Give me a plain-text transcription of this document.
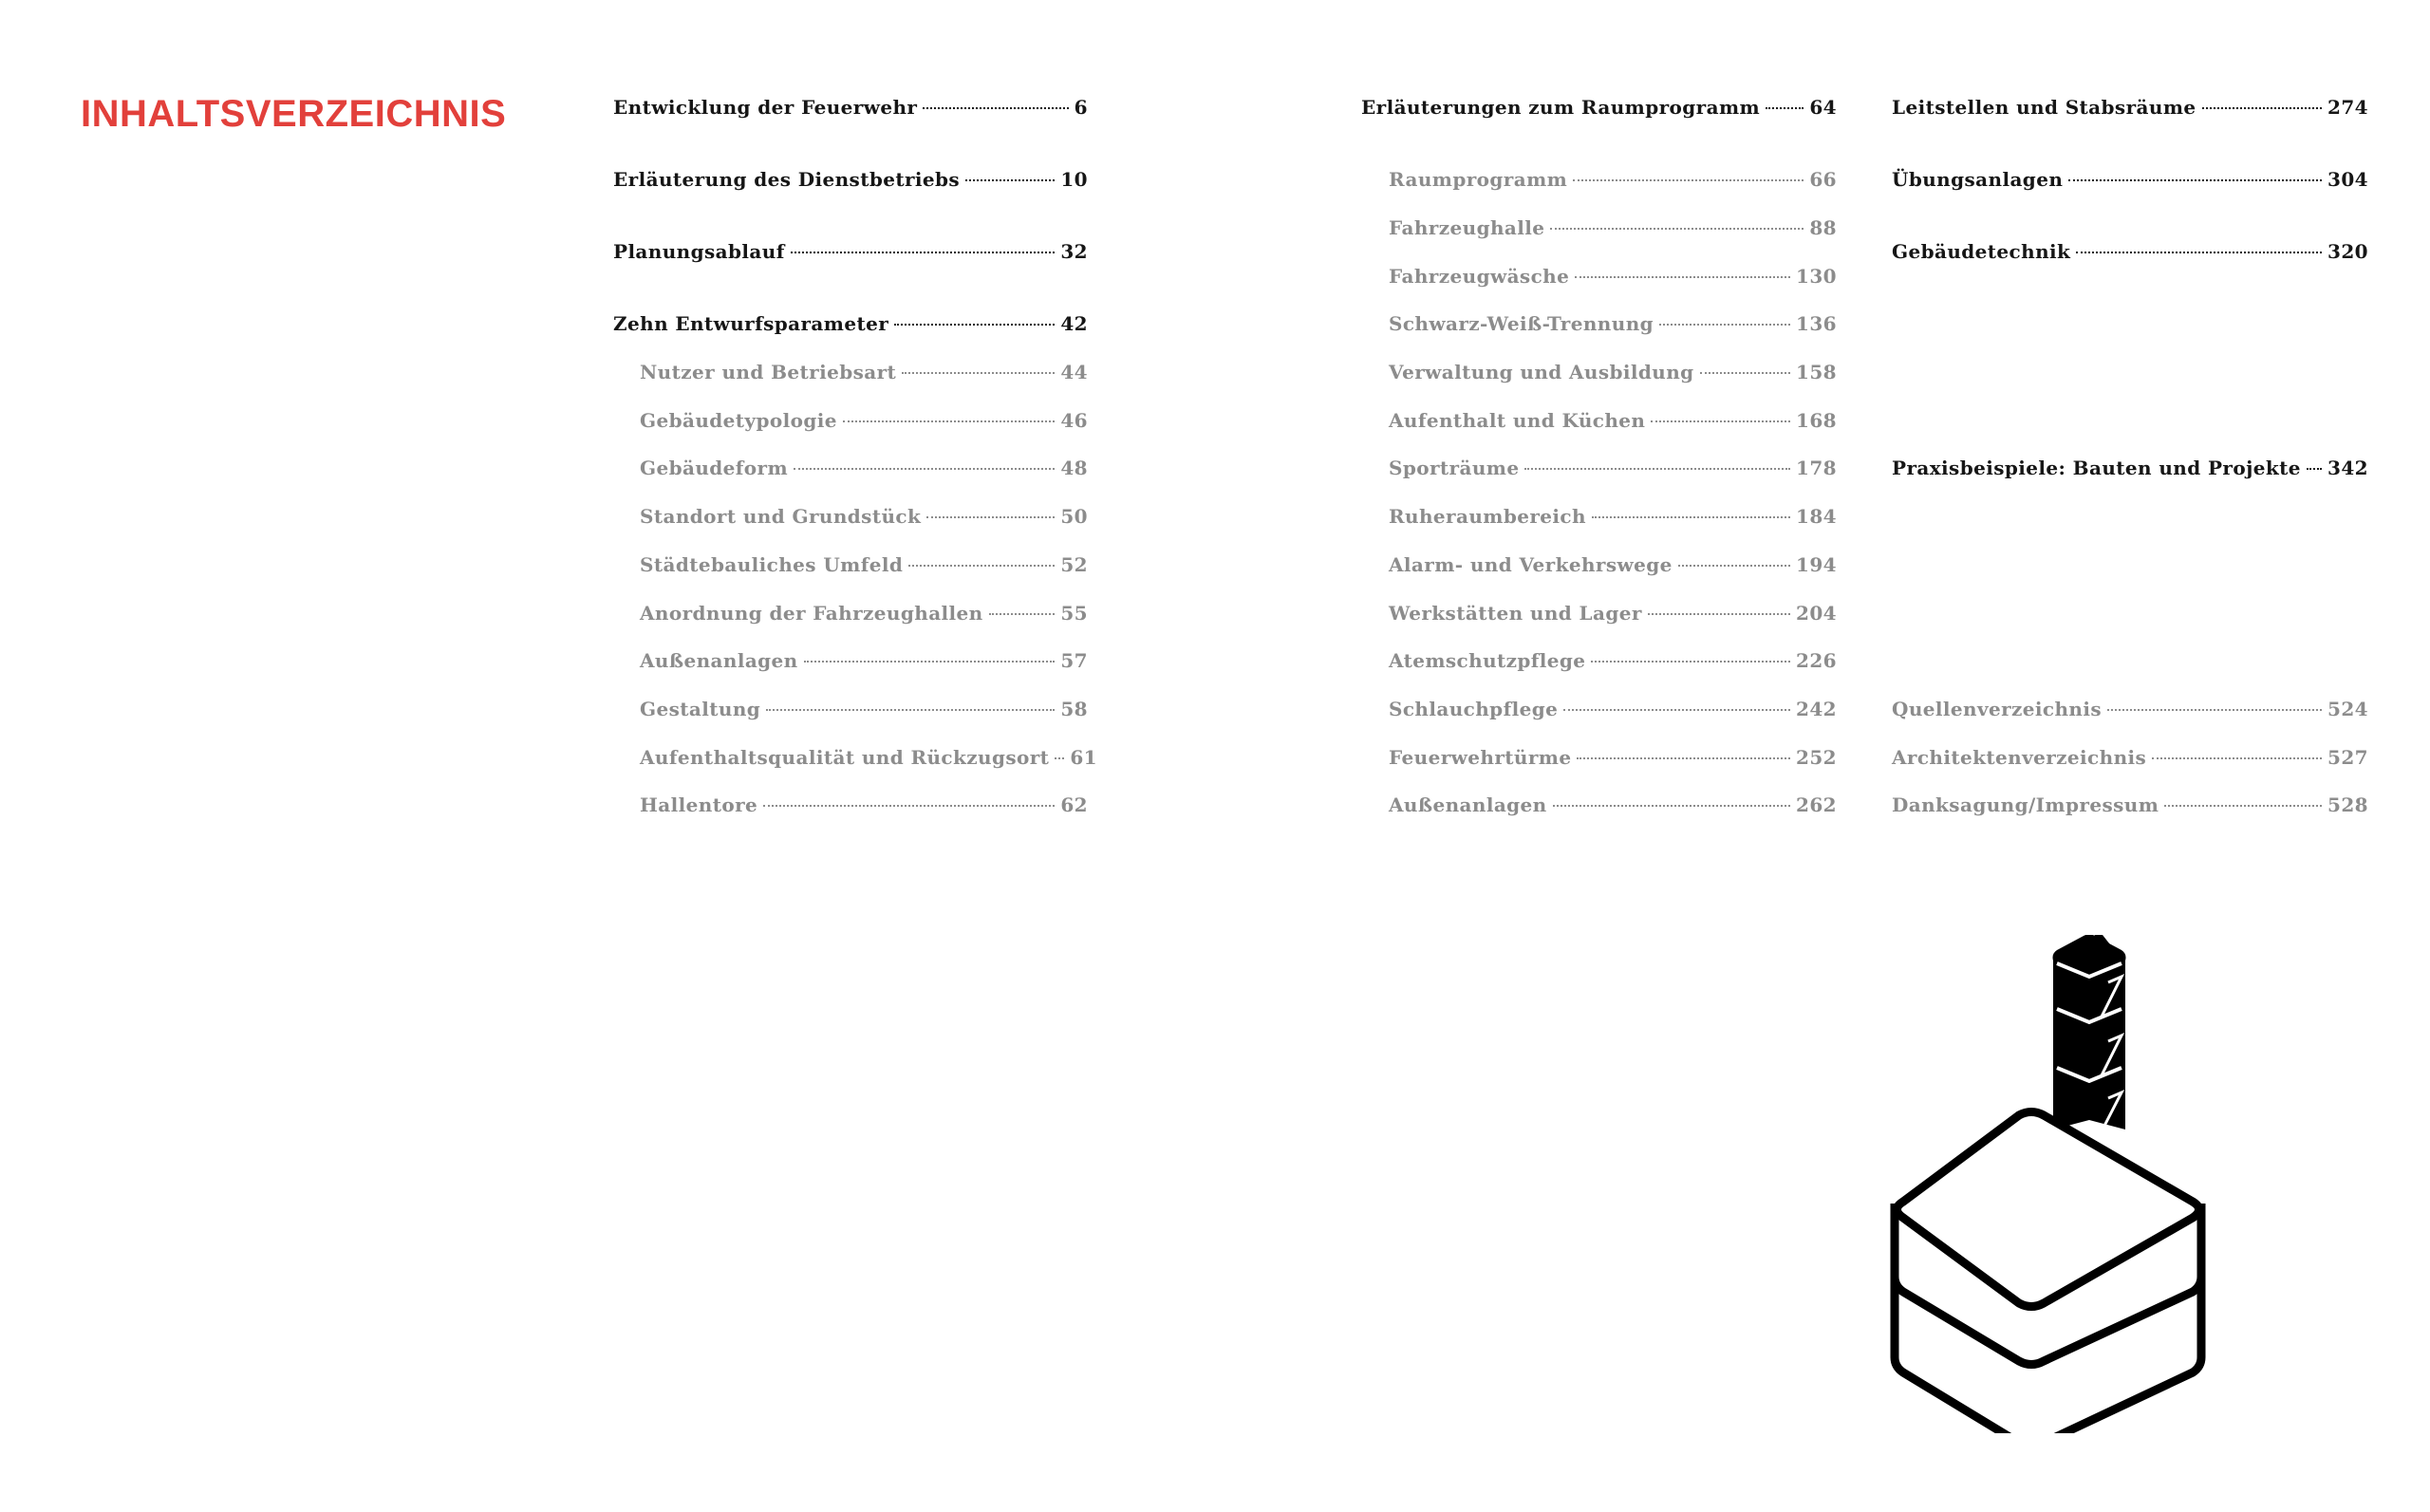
INHALTSVERZEICHNIS	Entwicklung der Feuerwehr	6
Erläuterung des Dienstbetriebs	10
Planungsablauf	32
Zehn Entwurfsparameter	42
Nutzer und Betriebsart	44
Gebäudetypologie	46
Gebäudeform	48
Standort und Grundstück	50
Städtebauliches Umfeld	52
Anordnung der Fahrzeughallen	55
Außenanlagen	57
Gestaltung	58
Aufenthaltsqualität und Rückzugsort 61
Hallentore	62
Erläuterungen zum Raumprogramm	64
Raumprogramm	66
Fahrzeughalle	88
Fahrzeugwäsche	130
Schwarz-Weiß-Trennung	136
Verwaltung und Ausbildung	158
Aufenthalt und Küchen	168
Sporträume	178
Ruheraumbereich	184
Alarm- und Verkehrswege	194
Werkstätten und Lager	204
Atemschutzpflege	226
Schlauchpflege	242
Feuerwehrtürme	252
Außenanlagen	262
Leitstellen und Stabsräume	274
Übungsanlagen	304
Gebäudetechnik	320
Praxisbeispiele: Bauten und Projekte 342
Quellenverzeichnis	524
Architektenverzeichnis	527
Danksagung/Impressum	528
